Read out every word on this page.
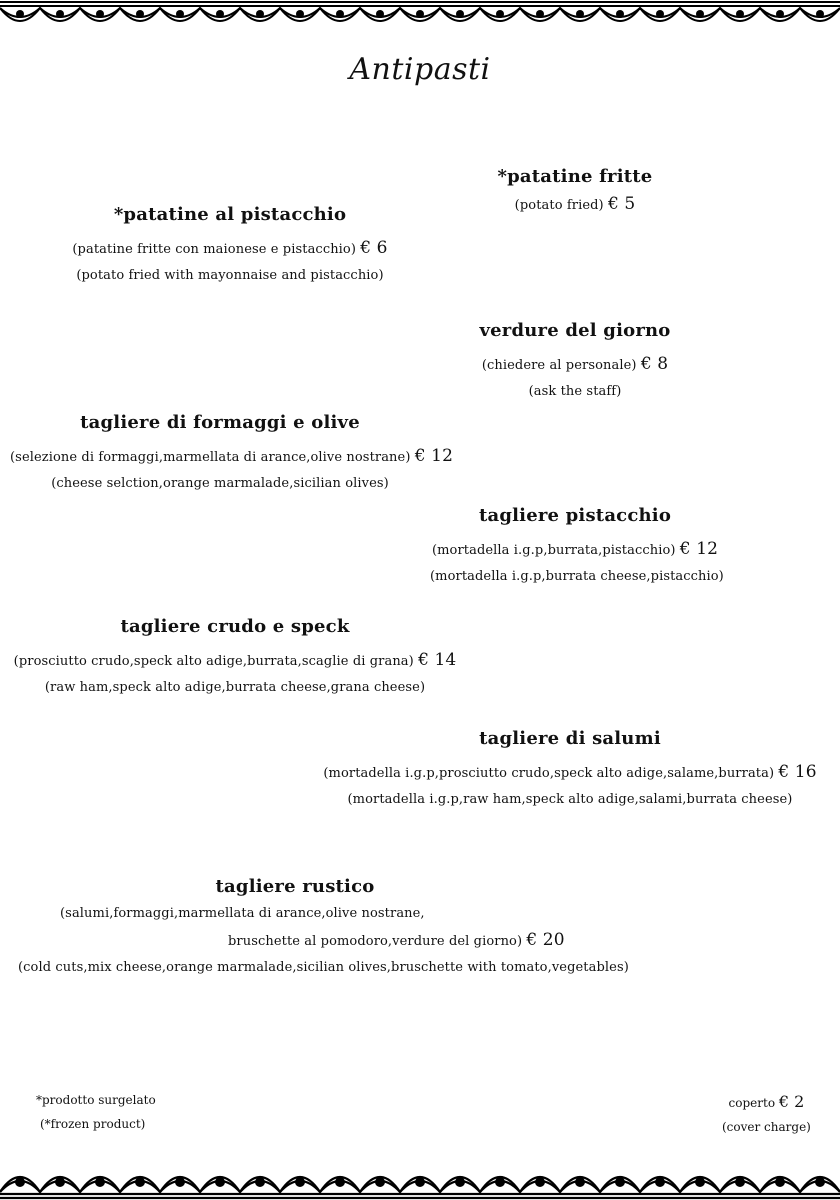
Antipasti
*patatine fritte
(potato fried) € 5
*patatine al pistacchio
(patatine fritte con maionese e pistacchio) € 6
(potato fried with mayonnaise and pistacchio)
verdure del giorno
(chiedere al personale) € 8
(ask the staff)
tagliere di formaggi e olive
(selezione di formaggi,marmellata di arance,olive nostrane) € 12
(cheese selction,orange marmalade,sicilian olives)
tagliere pistacchio
(mortadella i.g.p,burrata,pistacchio) € 12
(mortadella i.g.p,burrata cheese,pistacchio)
tagliere crudo e speck
(prosciutto crudo,speck alto adige,burrata,scaglie di grana) € 14
(raw ham,speck alto adige,burrata cheese,grana cheese)
tagliere di salumi
(mortadella i.g.p,prosciutto crudo,speck alto adige,salame,burrata) € 16
(mortadella i.g.p,raw ham,speck alto adige,salami,burrata cheese)
tagliere rustico
(salumi,formaggi,marmellata di arance,olive nostrane,
bruschette al pomodoro,verdure del giorno) € 20
(cold cuts,mix cheese,orange marmalade,sicilian olives,bruschette with tomato,vegetables)
*prodotto surgelato
(*frozen product)
coperto € 2
(cover charge)
